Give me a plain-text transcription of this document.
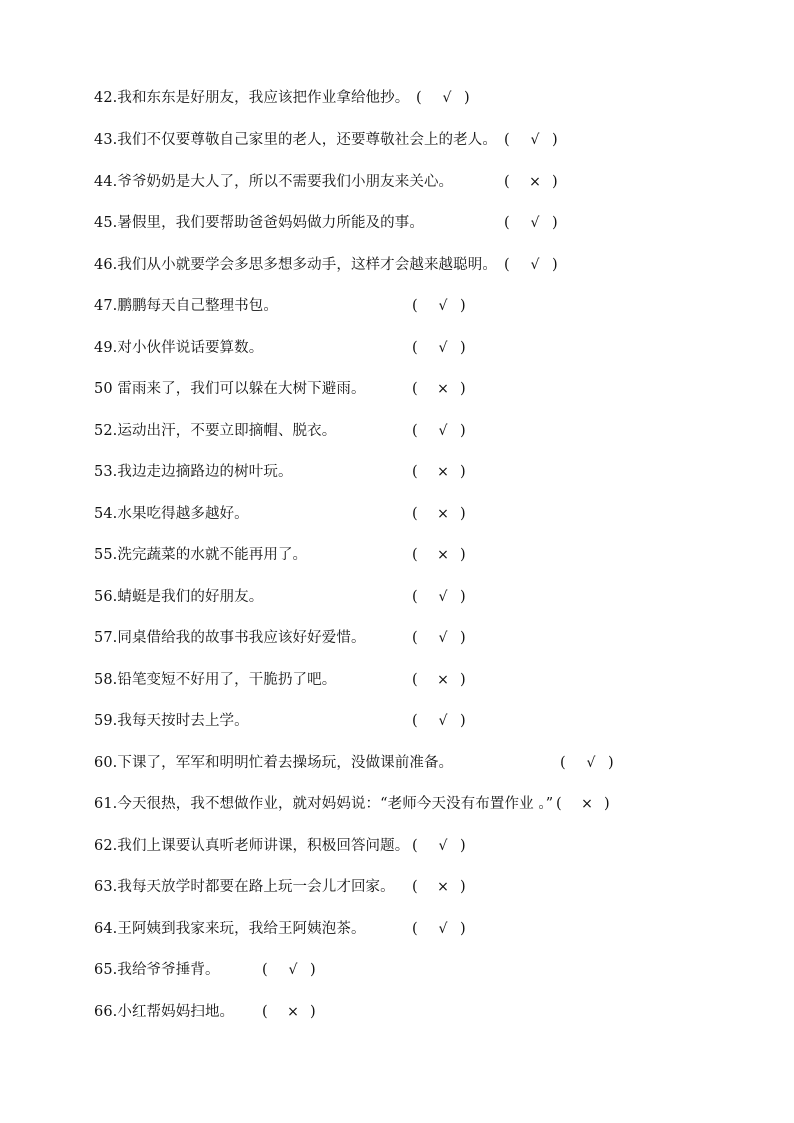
42.我和东东是好朋友，我应该把作业拿给他抄。 ( √ )
43.我们不仅要尊敬自己家里的老人，还要尊敬社会上的老人。 ( √ )
44.爷爷奶奶是大人了，所以不需要我们小朋友来关心。	( × )
45.暑假里，我们要帮助爸爸妈妈做力所能及的事。	( √ )
46.我们从小就要学会多思多想多动手，这样才会越来越聪明。 ( √ )
47.鹏鹏每天自己整理书包。	( √ )
49.对小伙伴说话要算数。	( √ )
50 雷雨来了，我们可以躲在大树下避雨。	( × )
52.运动出汗，不要立即摘帽、脱衣。	( √ )
53.我边走边摘路边的树叶玩。	( × )
54.水果吃得越多越好。	( × )
55.洗完蔬菜的水就不能再用了。	( × )
56.蜻蜓是我们的好朋友。	( √ )
57.同桌借给我的故事书我应该好好爱惜。	( √ )
58.铅笔变短不好用了，干脆扔了吧。	( × )
59.我每天按时去上学。	( √ )
60.下课了，军军和明明忙着去操场玩，没做课前准备。	( √ )
61.今天很热，我不想做作业，就对妈妈说：“老师今天没有布置作业 。” ( × )
62.我们上课要认真听老师讲课，积极回答问题。 ( √ )
63.我每天放学时都要在路上玩一会儿才回家。 ( × )
64.王阿姨到我家来玩，我给王阿姨泡茶。	( √ )
65.我给爷爷捶背。	( √ )
66.小红帮妈妈扫地。 ( × )
